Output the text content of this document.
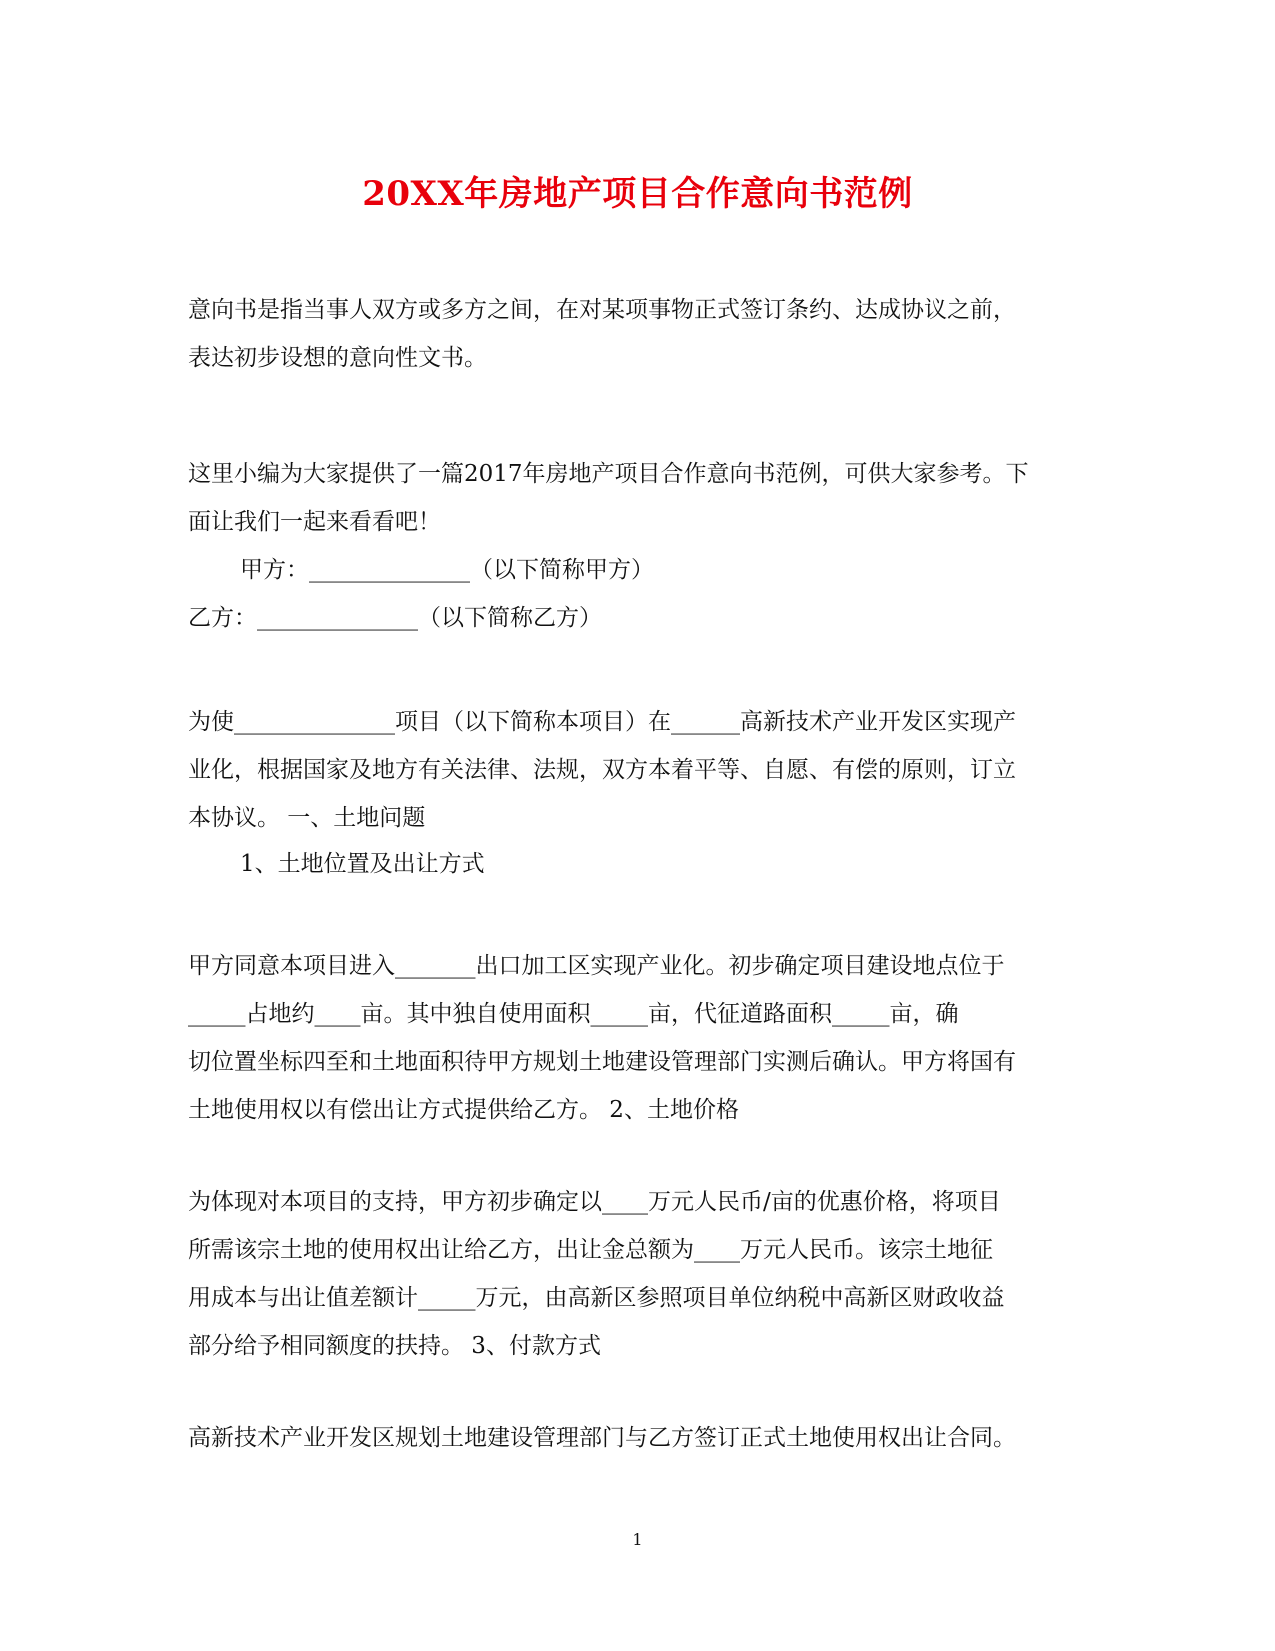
20XX年房地产项目合作意向书范例

意向书是指当事人双方或多方之间，在对某项事物正式签订条约、达成协议之前，
表达初步设想的意向性文书。

这里小编为大家提供了一篇2017年房地产项目合作意向书范例，可供大家参考。下
面让我们一起来看看吧！

甲方：______________（以下简称甲方）

乙方：______________（以下简称乙方）

为使______________项目（以下简称本项目）在______高新技术产业开发区实现产
业化，根据国家及地方有关法律、法规，双方本着平等、自愿、有偿的原则，订立
本协议。 一、土地问题

1、土地位置及出让方式

甲方同意本项目进入_______出口加工区实现产业化。初步确定项目建设地点位于
_____占地约____亩。其中独自使用面积_____亩，代征道路面积_____亩，确
切位置坐标四至和土地面积待甲方规划土地建设管理部门实测后确认。甲方将国有
土地使用权以有偿出让方式提供给乙方。 2、土地价格

为体现对本项目的支持，甲方初步确定以____万元人民币/亩的优惠价格，将项目
所需该宗土地的使用权出让给乙方，出让金总额为____万元人民币。该宗土地征
用成本与出让值差额计_____万元，由高新区参照项目单位纳税中高新区财政收益
部分给予相同额度的扶持。 3、付款方式

高新技术产业开发区规划土地建设管理部门与乙方签订正式土地使用权出让合同。

1
